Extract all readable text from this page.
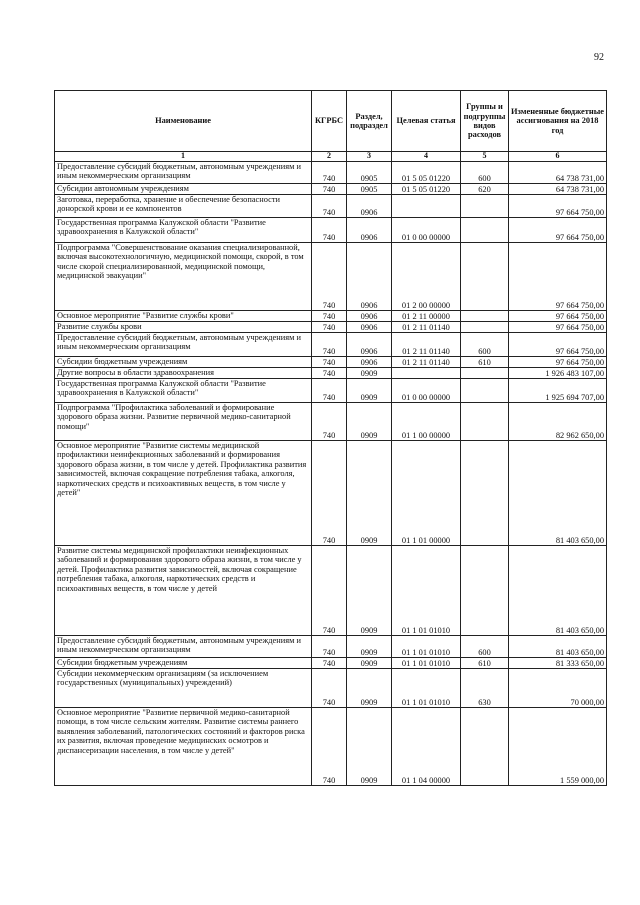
92
Наименование	КГРБС	Раздел, подраздел	Целевая статья	Группы и подгруппы видов расходов	Измененные бюджетные ассигнования на 2018 год
1	2	3	4	5	6
Предоставление субсидий бюджетным, автономным учреждениям и иным некоммерческим организациям	740	0905	01 5 05 01220	600	64 738 731,00
Субсидии автономным учреждениям	740	0905	01 5 05 01220	620	64 738 731,00
Заготовка, переработка, хранение и обеспечение безопасности донорской крови и ее компонентов	740	0906			97 664 750,00
Государственная программа Калужской области "Развитие здравоохранения в Калужской области"	740	0906	01 0 00 00000		97 664 750,00
Подпрограмма "Совершенствование оказания специализированной, включая высокотехнологичную, медицинской помощи, скорой, в том числе скорой специализированной, медицинской помощи, медицинской эвакуации"	740	0906	01 2 00 00000		97 664 750,00
Основное мероприятие "Развитие службы крови"	740	0906	01 2 11 00000		97 664 750,00
Развитие службы крови	740	0906	01 2 11 01140		97 664 750,00
Предоставление субсидий бюджетным, автономным учреждениям и иным некоммерческим организациям	740	0906	01 2 11 01140	600	97 664 750,00
Субсидии бюджетным учреждениям	740	0906	01 2 11 01140	610	97 664 750,00
Другие вопросы в области здравоохранения	740	0909			1 926 483 107,00
Государственная программа Калужской области "Развитие здравоохранения в Калужской области"	740	0909	01 0 00 00000		1 925 694 707,00
Подпрограмма "Профилактика заболеваний и формирование здорового образа жизни. Развитие первичной медико-санитарной помощи"	740	0909	01 1 00 00000		82 962 650,00
Основное мероприятие "Развитие системы медицинской профилактики неинфекционных заболеваний и формирования здорового образа жизни, в том числе у детей. Профилактика развития зависимостей, включая сокращение потребления табака, алкоголя, наркотических средств и психоактивных веществ, в том числе у детей"	740	0909	01 1 01 00000		81 403 650,00
Развитие системы медицинской профилактики неинфекционных заболеваний и формирования здорового образа жизни, в том числе у детей. Профилактика развития зависимостей, включая сокращение потребления табака, алкоголя, наркотических средств и психоактивных веществ, в том числе у детей	740	0909	01 1 01 01010		81 403 650,00
Предоставление субсидий бюджетным, автономным учреждениям и иным некоммерческим организациям	740	0909	01 1 01 01010	600	81 403 650,00
Субсидии бюджетным учреждениям	740	0909	01 1 01 01010	610	81 333 650,00
Субсидии некоммерческим организациям (за исключением государственных (муниципальных) учреждений)	740	0909	01 1 01 01010	630	70 000,00
Основное мероприятие "Развитие первичной медико-санитарной помощи, в том числе сельским жителям. Развитие системы раннего выявления заболеваний, патологических состояний и факторов риска их развития, включая проведение медицинских осмотров и диспансеризации населения, в том числе у детей"	740	0909	01 1 04 00000		1 559 000,00
